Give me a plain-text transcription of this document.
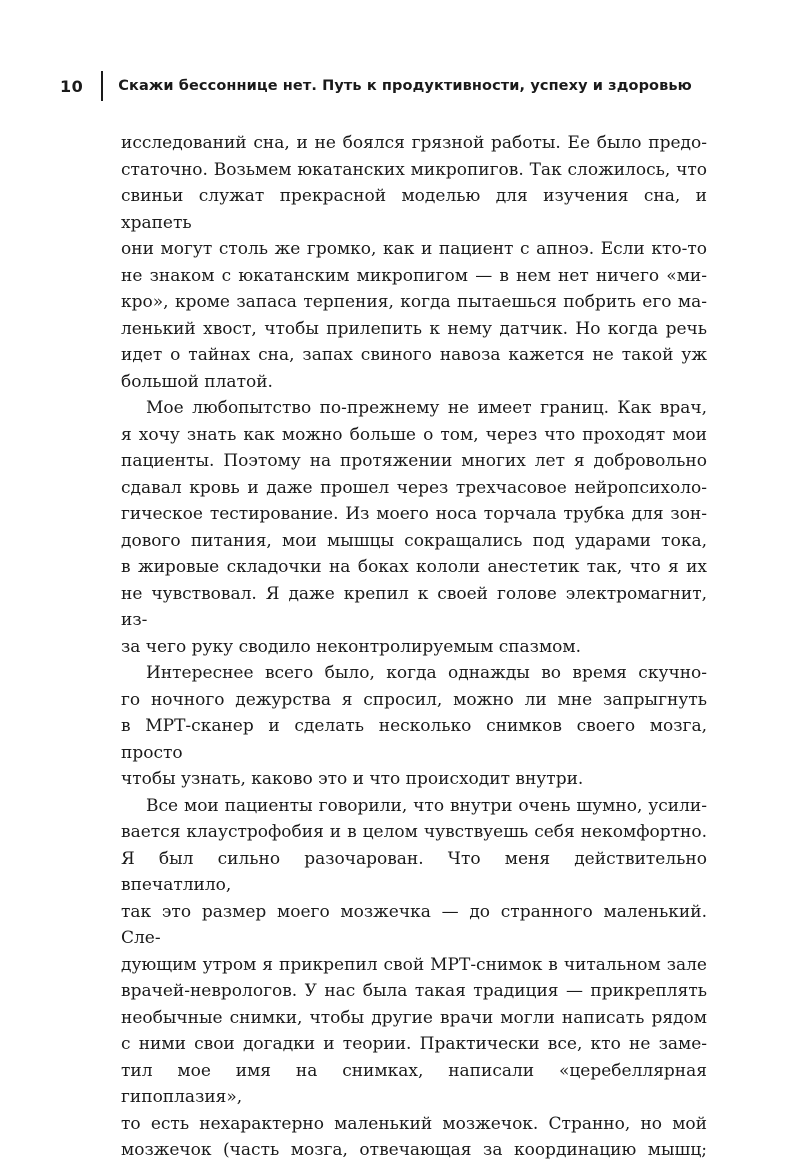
10 Скажи бессоннице нет. Путь к продуктивности, успеху и здоровью

исследований сна, и не боялся грязной работы. Ее было предо-

статочно. Возьмем юкатанских микропигов. Так сложилось, что

свиньи служат прекрасной моделью для изучения сна, и храпеть

они могут столь же громко, как и пациент с апноэ. Если кто-то

не знаком с юкатанским микропигом — в нем нет ничего «ми-

кро», кроме запаса терпения, когда пытаешься побрить его ма-

ленький хвост, чтобы прилепить к нему датчик. Но когда речь

идет о тайнах сна, запах свиного навоза кажется не такой уж

большой платой.

Мое любопытство по-прежнему не имеет границ. Как врач,

я хочу знать как можно больше о том, через что проходят мои

пациенты. Поэтому на протяжении многих лет я добровольно

сдавал кровь и даже прошел через трехчасовое нейропсихоло-

гическое тестирование. Из моего носа торчала трубка для зон-

дового питания, мои мышцы сокращались под ударами тока,

в жировые складочки на боках кололи анестетик так, что я их

не чувствовал. Я даже крепил к своей голове электромагнит, из-

за чего руку сводило неконтролируемым спазмом.

Интереснее всего было, когда однажды во время скучно-

го ночного дежурства я спросил, можно ли мне запрыгнуть

в МРТ-сканер и сделать несколько снимков своего мозга, просто

чтобы узнать, каково это и что происходит внутри.

Все мои пациенты говорили, что внутри очень шумно, усили-

вается клаустрофобия и в целом чувствуешь себя некомфортно.

Я был сильно разочарован. Что меня действительно впечатлило,

так это размер моего мозжечка — до странного маленький. Сле-

дующим утром я прикрепил свой МРТ-снимок в читальном зале

врачей-неврологов. У нас была такая традиция — прикреплять

необычные снимки, чтобы другие врачи могли написать рядом

с ними свои догадки и теории. Практически все, кто не заме-

тил мое имя на снимках, написали «церебеллярная гипоплазия»,

то есть нехарактерно маленький мозжечок. Странно, но мой

мозжечок (часть мозга, отвечающая за координацию мышц;
